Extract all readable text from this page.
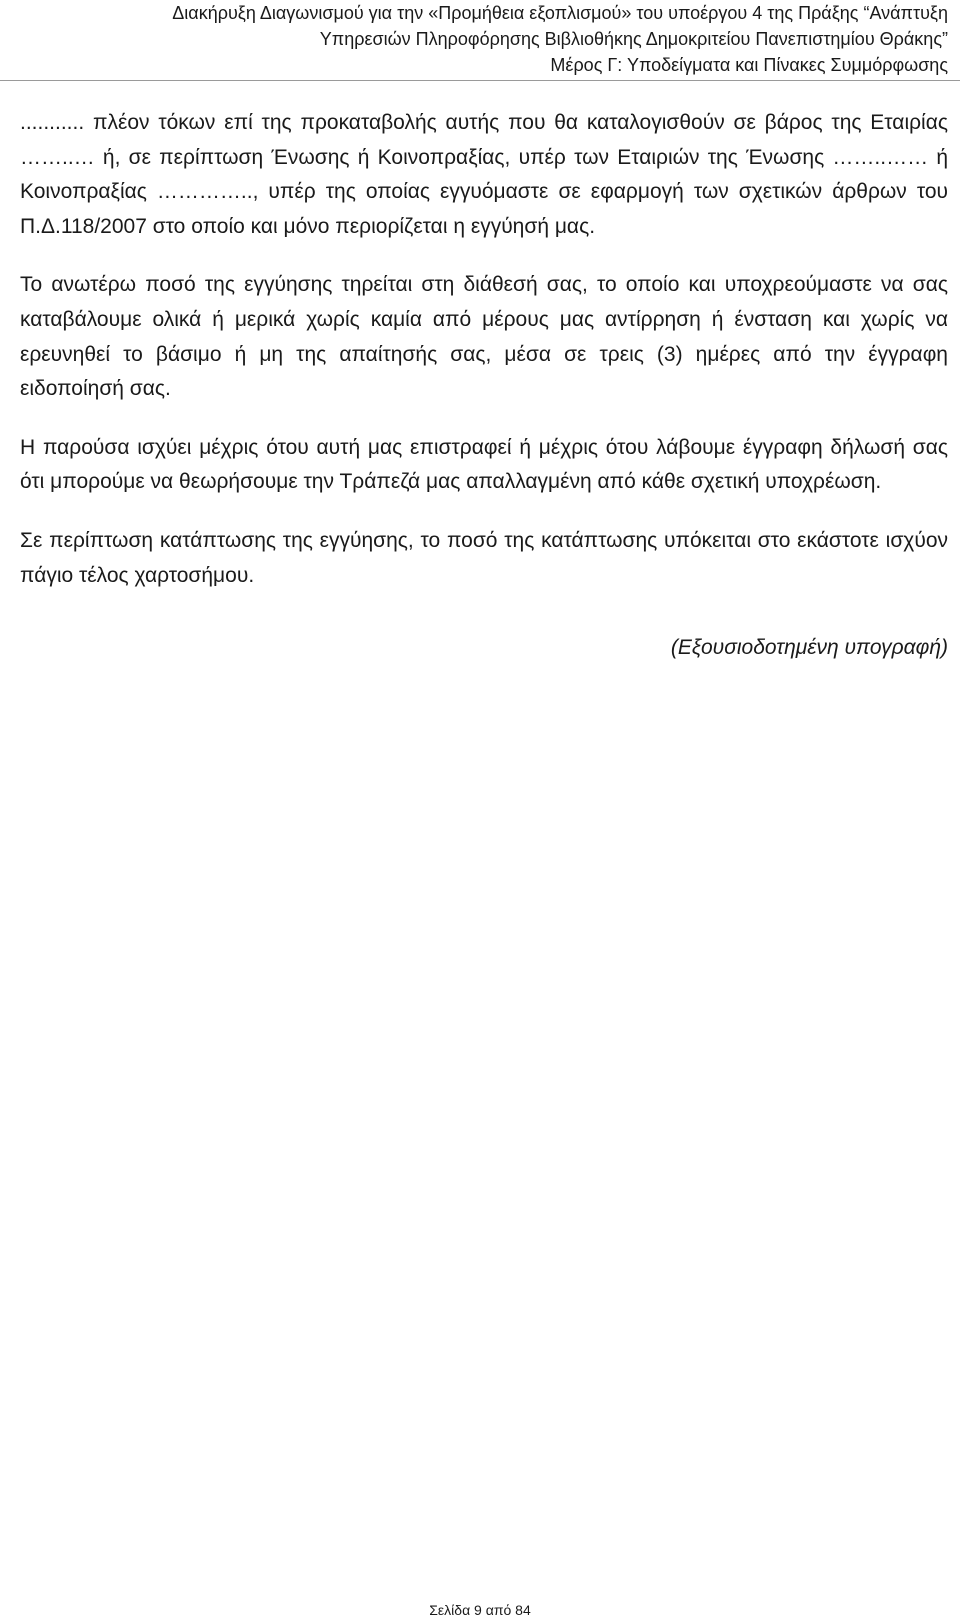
Διακήρυξη Διαγωνισμού για την «Προμήθεια εξοπλισμού» του υποέργου 4 της Πράξης “Ανάπτυξη
Υπηρεσιών Πληροφόρησης Βιβλιοθήκης Δημοκριτείου Πανεπιστημίου Θράκης”
Μέρος Γ: Υποδείγματα και Πίνακες Συμμόρφωσης

........... πλέον τόκων επί της προκαταβολής αυτής που θα καταλογισθούν σε βάρος της Εταιρίας ……..… ή, σε περίπτωση Ένωσης ή Κοινοπραξίας, υπέρ των Εταιριών της Ένωσης ……..…… ή Κοινοπραξίας ………….., υπέρ της οποίας εγγυόμαστε σε εφαρμογή των σχετικών άρθρων του Π.Δ.118/2007 στο οποίο και μόνο περιορίζεται η εγγύησή μας.

Το ανωτέρω ποσό της εγγύησης τηρείται στη διάθεσή σας, το οποίο και υποχρεούμαστε να σας καταβάλουμε ολικά ή μερικά χωρίς καμία από μέρους μας αντίρρηση ή ένσταση και χωρίς να ερευνηθεί το βάσιμο ή μη της απαίτησής σας, μέσα σε τρεις (3) ημέρες από την έγγραφη ειδοποίησή σας.

Η παρούσα ισχύει μέχρις ότου αυτή μας επιστραφεί ή μέχρις ότου λάβουμε έγγραφη δήλωσή σας ότι μπορούμε να θεωρήσουμε την Τράπεζά μας απαλλαγμένη από κάθε σχετική υποχρέωση.

Σε περίπτωση κατάπτωσης της εγγύησης, το ποσό της κατάπτωσης υπόκειται στο εκάστοτε ισχύον πάγιο τέλος χαρτοσήμου.

(Εξουσιοδοτημένη υπογραφή)

Σελίδα 9 από 84
